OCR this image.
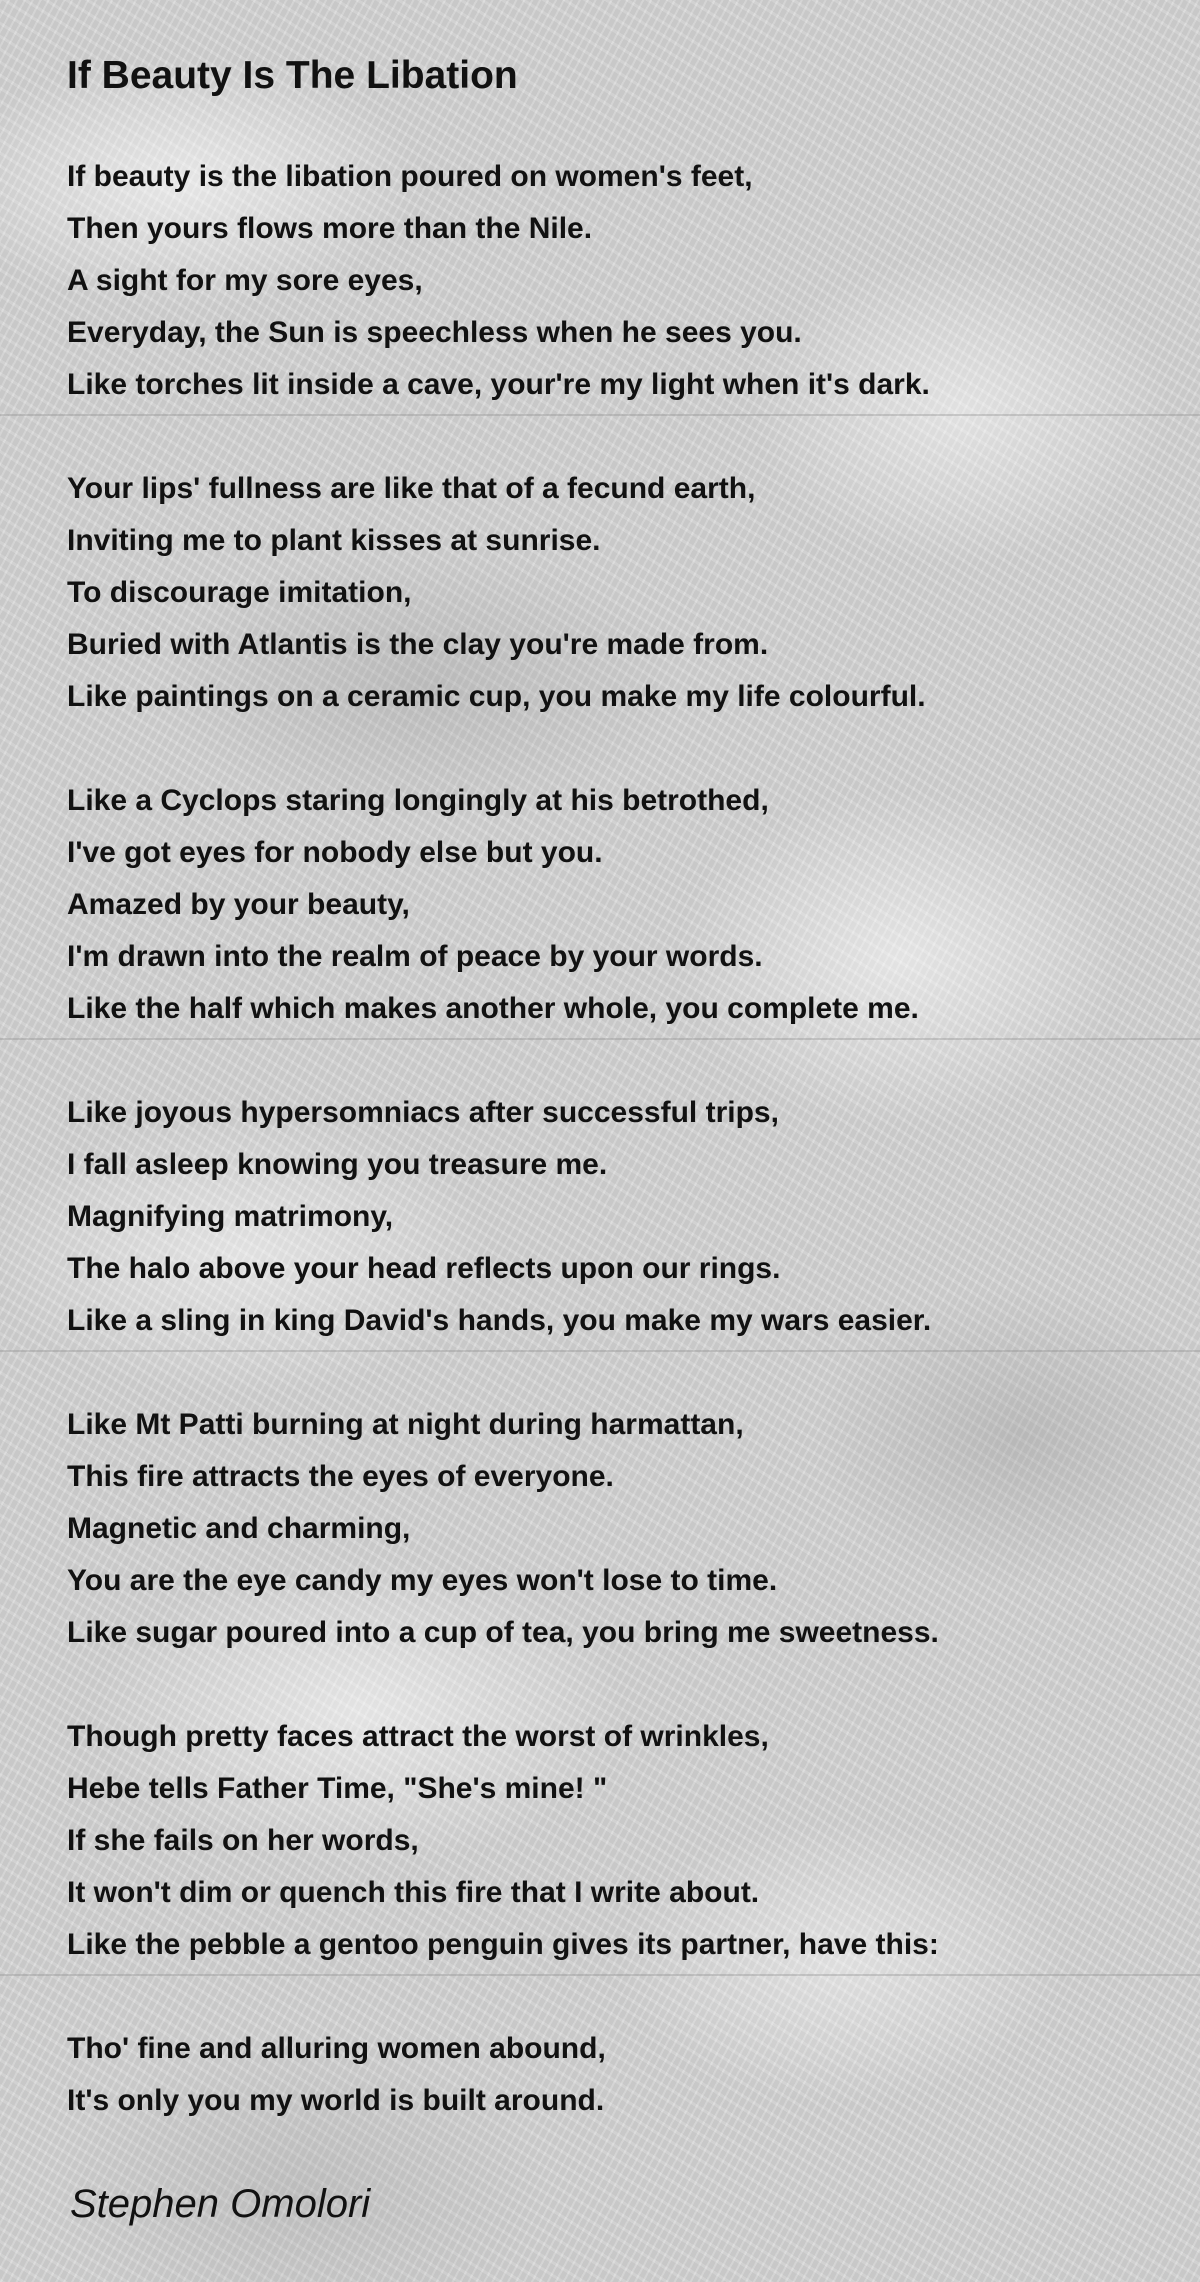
If Beauty Is The Libation
If beauty is the libation poured on women's feet,
Then yours flows more than the Nile.
A sight for my sore eyes,
Everyday, the Sun is speechless when he sees you.
Like torches lit inside a cave, your're my light when it's dark.
Your lips' fullness are like that of a fecund earth,
Inviting me to plant kisses at sunrise.
To discourage imitation,
Buried with Atlantis is the clay you're made from.
Like paintings on a ceramic cup, you make my life colourful.
Like a Cyclops staring longingly at his betrothed,
I've got eyes for nobody else but you.
Amazed by your beauty,
I'm drawn into the realm of peace by your words.
Like the half which makes another whole, you complete me.
Like joyous hypersomniacs after successful trips,
I fall asleep knowing you treasure me.
Magnifying matrimony,
The halo above your head reflects upon our rings.
Like a sling in king David's hands, you make my wars easier.
Like Mt Patti burning at night during harmattan,
This fire attracts the eyes of everyone.
Magnetic and charming,
You are the eye candy my eyes won't lose to time.
Like sugar poured into a cup of tea, you bring me sweetness.
Though pretty faces attract the worst of wrinkles,
Hebe tells Father Time, "She's mine! "
If she fails on her words,
It won't dim or quench this fire that I write about.
Like the pebble a gentoo penguin gives its partner, have this:
Tho' fine and alluring women abound,
It's only you my world is built around.
Stephen Omolori
